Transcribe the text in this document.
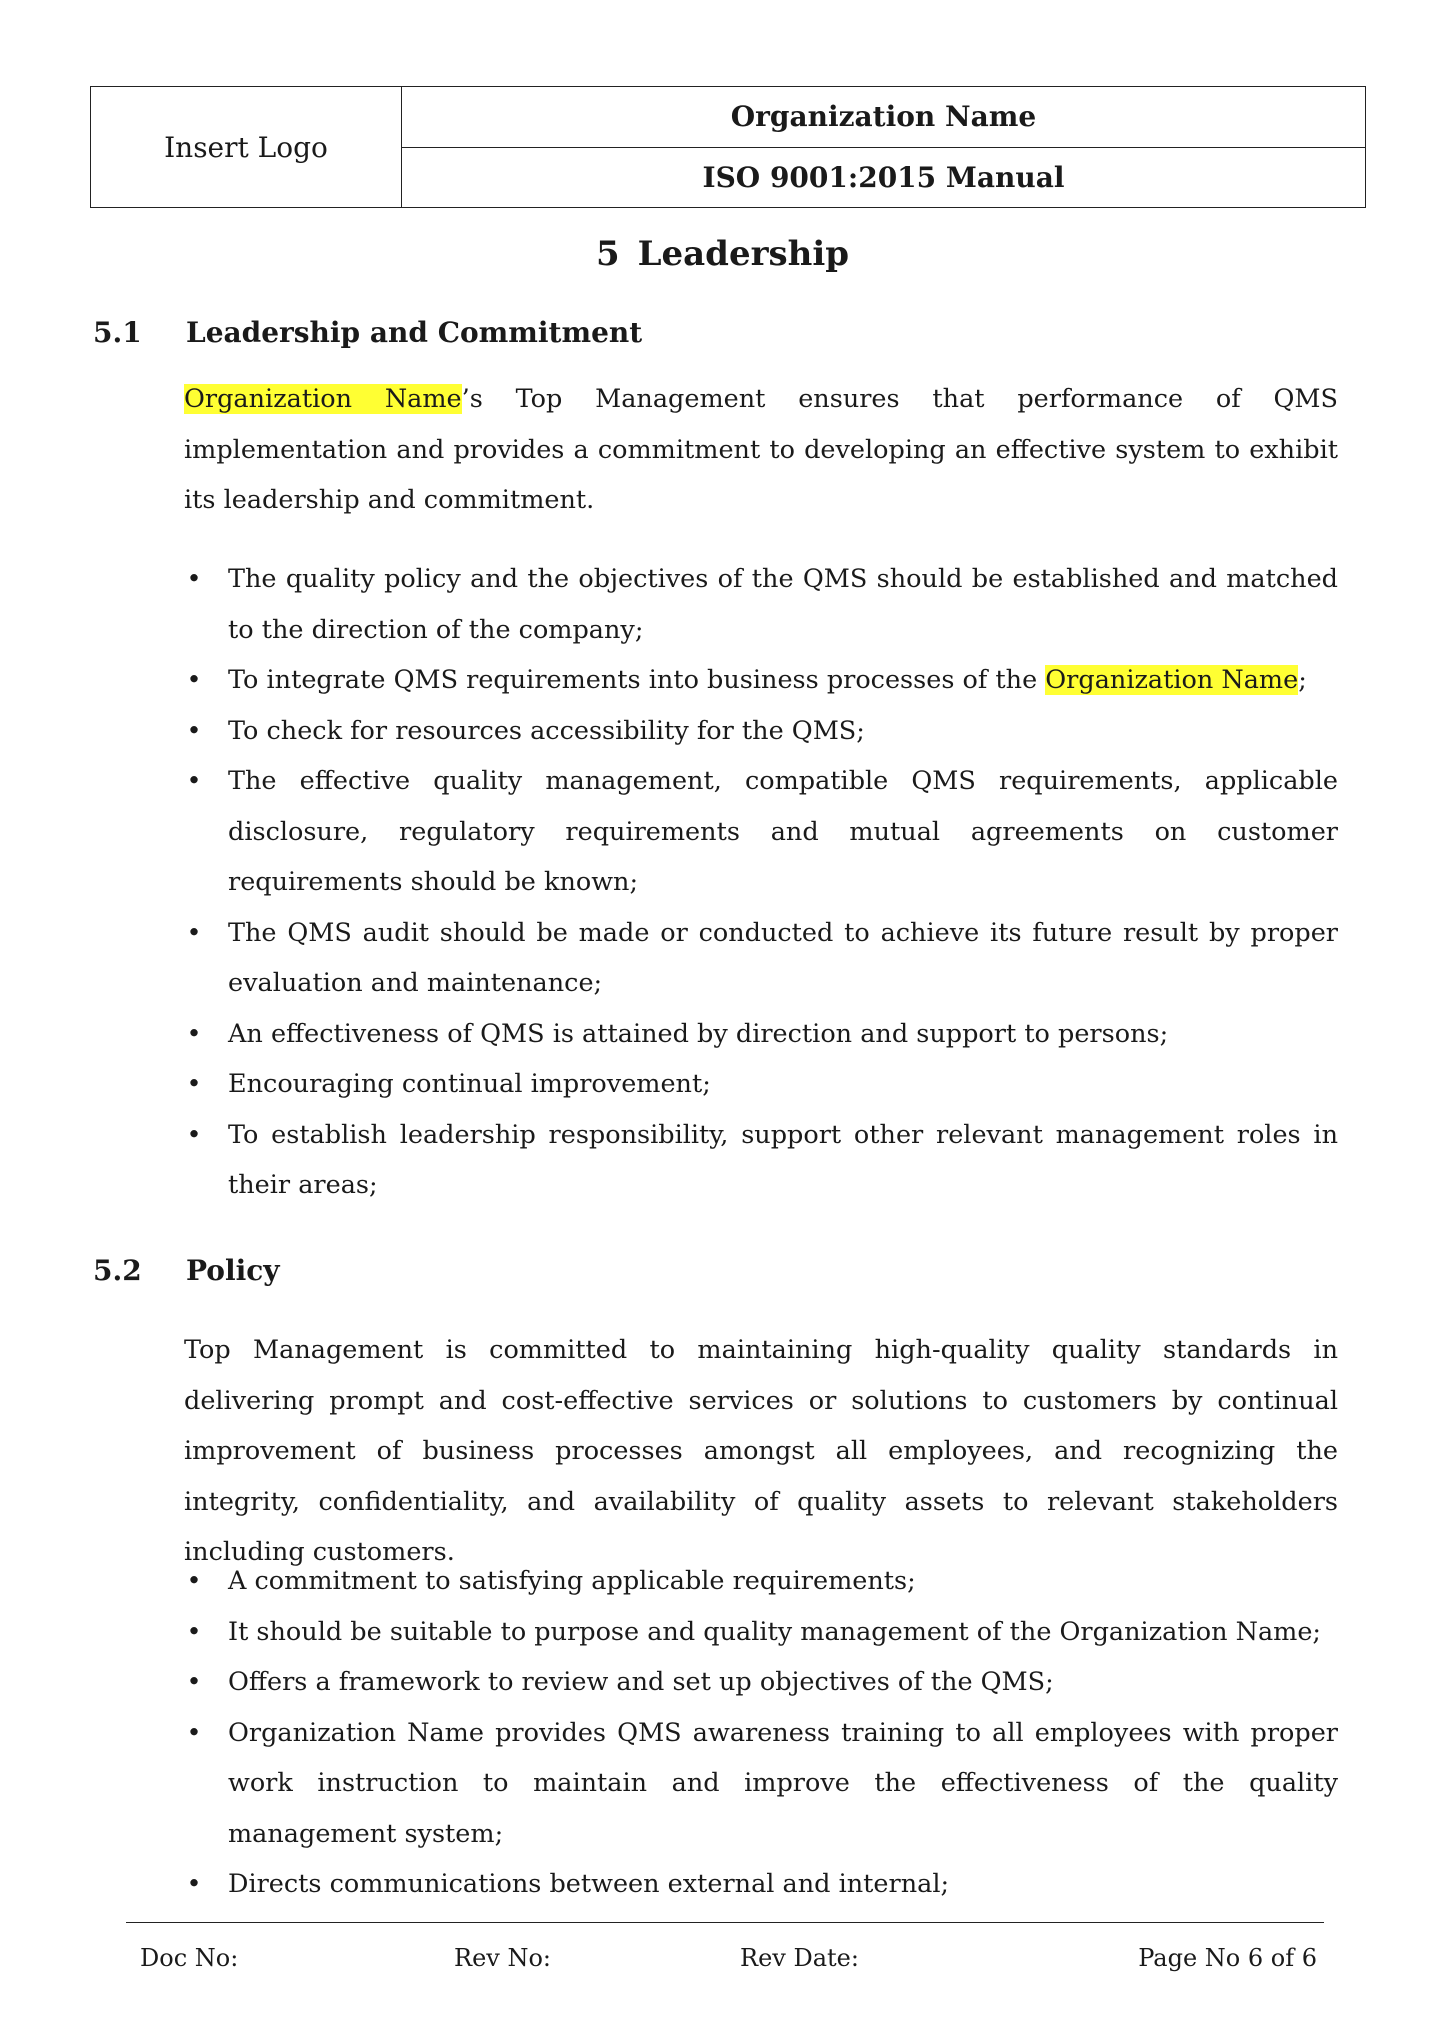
Insert Logo
Organization Name
ISO 9001:2015 Manual
5 Leadership
5.1 Leadership and Commitment

Organization Name’s Top Management ensures that performance of QMS implementation and provides a commitment to developing an effective system to exhibit its leadership and commitment.

• The quality policy and the objectives of the QMS should be established and matched to the direction of the company;
• To integrate QMS requirements into business processes of the Organization Name;
• To check for resources accessibility for the QMS;
• The effective quality management, compatible QMS requirements, applicable disclosure, regulatory requirements and mutual agreements on customer requirements should be known;
• The QMS audit should be made or conducted to achieve its future result by proper evaluation and maintenance;
• An effectiveness of QMS is attained by direction and support to persons;
• Encouraging continual improvement;
• To establish leadership responsibility, support other relevant management roles in their areas;
5.2 Policy

Top Management is committed to maintaining high-quality quality standards in delivering prompt and cost-effective services or solutions to customers by continual improvement of business processes amongst all employees, and recognizing the integrity, confidentiality, and availability of quality assets to relevant stakeholders including customers.

• A commitment to satisfying applicable requirements;
• It should be suitable to purpose and quality management of the Organization Name;
• Offers a framework to review and set up objectives of the QMS;
• Organization Name provides QMS awareness training to all employees with proper work instruction to maintain and improve the effectiveness of the quality management system;
• Directs communications between external and internal;
Doc No:	Rev No:	Rev Date:	Page No 6 of 6
